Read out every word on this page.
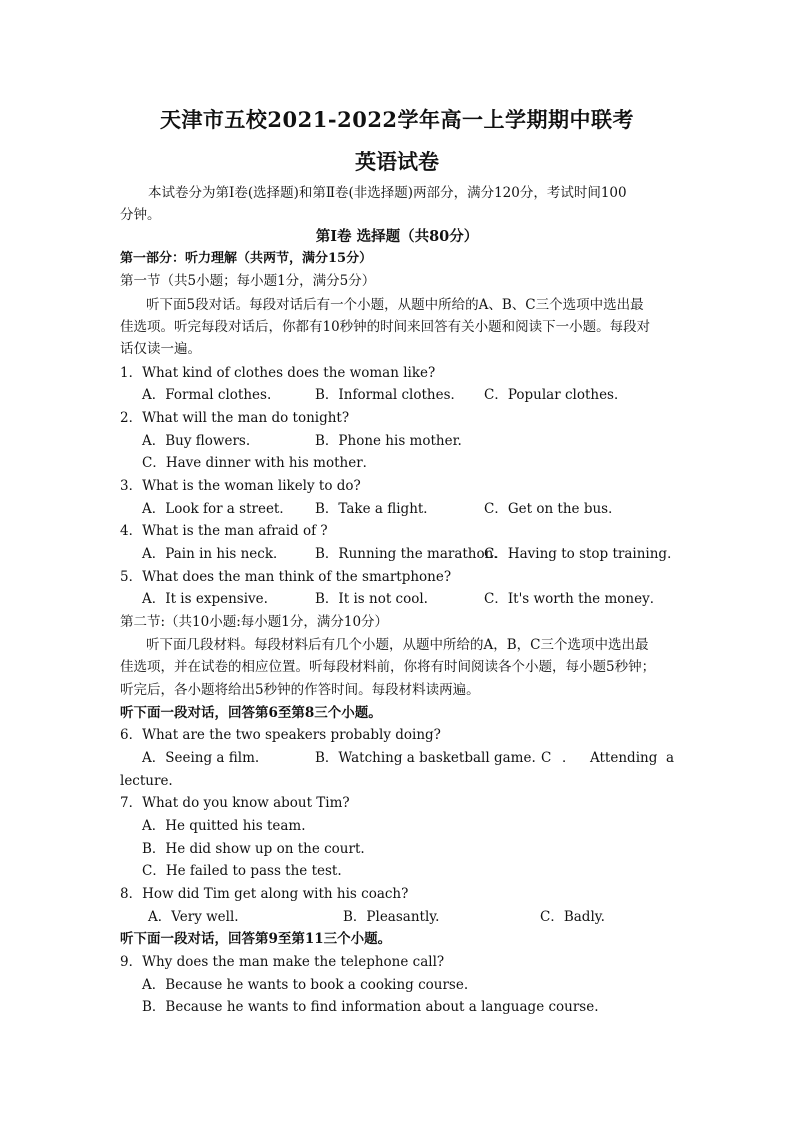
天津市五校2021-2022学年高一上学期期中联考
英语试卷
本试卷分为第Ⅰ卷(选择题)和第Ⅱ卷(非选择题)两部分，满分120分，考试时间100
分钟。
第Ⅰ卷 选择题（共80分）
第一部分：听力理解（共两节，满分15分）
第一节（共5小题；每小题1分，满分5分）
听下面5段对话。每段对话后有一个小题，从题中所给的A、B、C三个选项中选出最
佳选项。听完每段对话后，你都有10秒钟的时间来回答有关小题和阅读下一小题。每段对
话仅读一遍。
1．What kind of clothes does the woman like?
A．Formal clothes.	B．Informal clothes． C．Popular clothes．
2．What will the man do tonight?
A．Buy flowers.	B．Phone his mother.
C．Have dinner with his mother．
3．What is the woman likely to do?
A．Look for a street． B．Take a flight．	C．Get on the bus．
4．What is the man afraid of ?
A．Pain in his neck． B．Running the marathon.
C．Having to stop training．
5．What does the man think of the smartphone?
A．It is expensive.	B．It is not cool.	C．It's worth the money．
第二节:（共10小题:每小题1分，满分10分）
听下面几段材料。每段材料后有几个小题，从题中所给的A，B，C三个选项中选出最
佳选项，并在试卷的相应位置。听每段材料前，你将有时间阅读各个小题，每小题5秒钟；
听完后，各小题将给出5秒钟的作答时间。每段材料读两遍。
听下面一段对话，回答第6至第8三个小题。
6．What are the two speakers probably doing?
A．Seeing a film.	B．Watching a basketball game. C ． Attending a
lecture.
7．What do you know about Tim?
A．He quitted his team.
B．He did show up on the court.
C．He failed to pass the test.
8．How did Tim get along with his coach?
A．Very well.	B．Pleasantly.	C．Badly.
听下面一段对话，回答第9至第11三个小题。
9．Why does the man make the telephone call?
A．Because he wants to book a cooking course.
B．Because he wants to find information about a language course.
